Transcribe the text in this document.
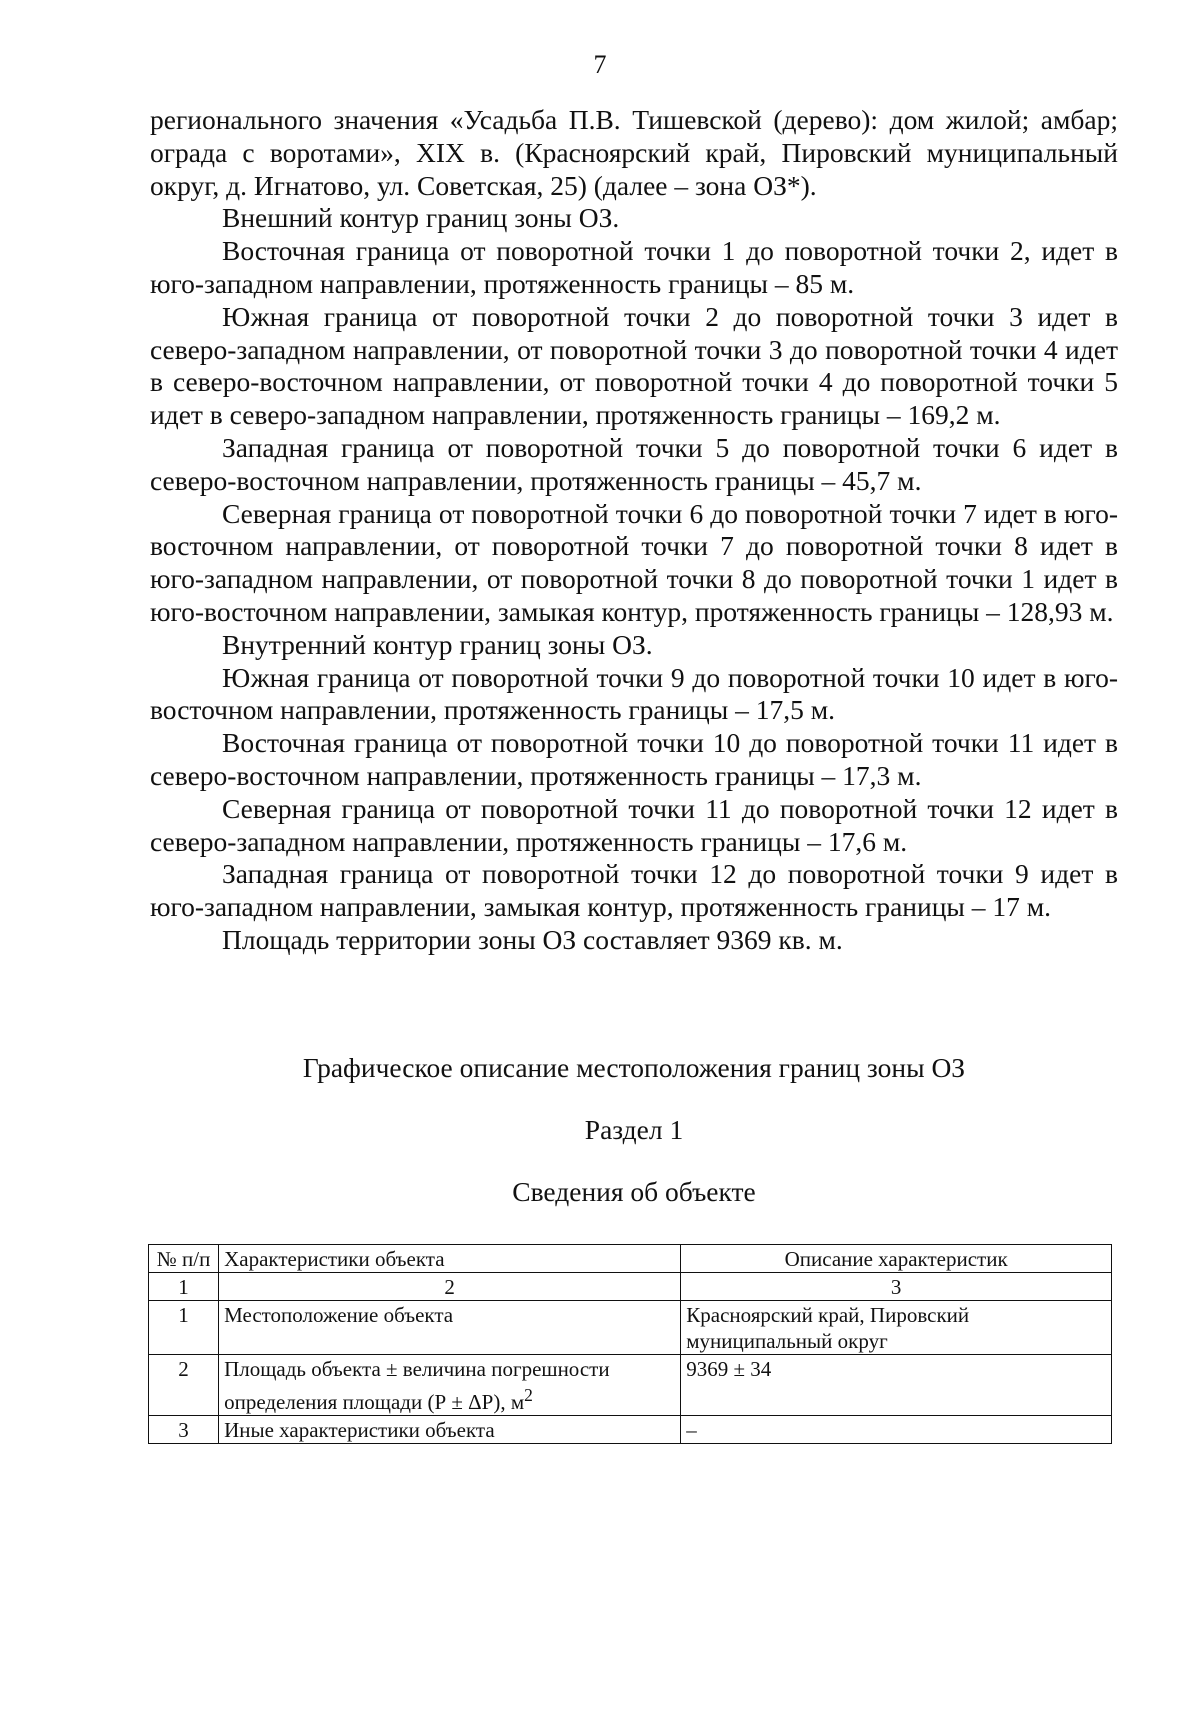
7

регионального значения «Усадьба П.В. Тишевской (дерево): дом жилой; амбар; ограда с воротами», XIX в. (Красноярский край, Пировский муниципальный округ, д. Игнатово, ул. Советская, 25) (далее – зона ОЗ*).

Внешний контур границ зоны ОЗ.

Восточная граница от поворотной точки 1 до поворотной точки 2, идет в юго-западном направлении, протяженность границы – 85 м.

Южная граница от поворотной точки 2 до поворотной точки 3 идет в северо-западном направлении, от поворотной точки 3 до поворотной точки 4 идет в северо-восточном направлении, от поворотной точки 4 до поворотной точки 5 идет в северо-западном направлении, протяженность границы – 169,2 м.

Западная граница от поворотной точки 5 до поворотной точки 6 идет в северо-восточном направлении, протяженность границы – 45,7 м.

Северная граница от поворотной точки 6 до поворотной точки 7 идет в юго-восточном направлении, от поворотной точки 7 до поворотной точки 8 идет в юго-западном направлении, от поворотной точки 8 до поворотной точки 1 идет в юго-восточном направлении, замыкая контур, протяженность границы – 128,93 м.

Внутренний контур границ зоны ОЗ.

Южная граница от поворотной точки 9 до поворотной точки 10 идет в юго-восточном направлении, протяженность границы – 17,5 м.

Восточная граница от поворотной точки 10 до поворотной точки 11 идет в северо-восточном направлении, протяженность границы – 17,3 м.

Северная граница от поворотной точки 11 до поворотной точки 12 идет в северо-западном направлении, протяженность границы – 17,6 м.

Западная граница от поворотной точки 12 до поворотной точки 9 идет в юго-западном направлении, замыкая контур, протяженность границы – 17 м.

Площадь территории зоны ОЗ составляет 9369 кв. м.

Графическое описание местоположения границ зоны ОЗ
Раздел 1
Сведения об объекте
№ п/п	Характеристики объекта	Описание характеристик
1	2	3
1	Местоположение объекта	Красноярский край, Пировский муниципальный округ
2	Площадь объекта ± величина погрешности определения площади (Р ± ΔР), $м^2$	9369 ± 34
3	Иные характеристики объекта	–
